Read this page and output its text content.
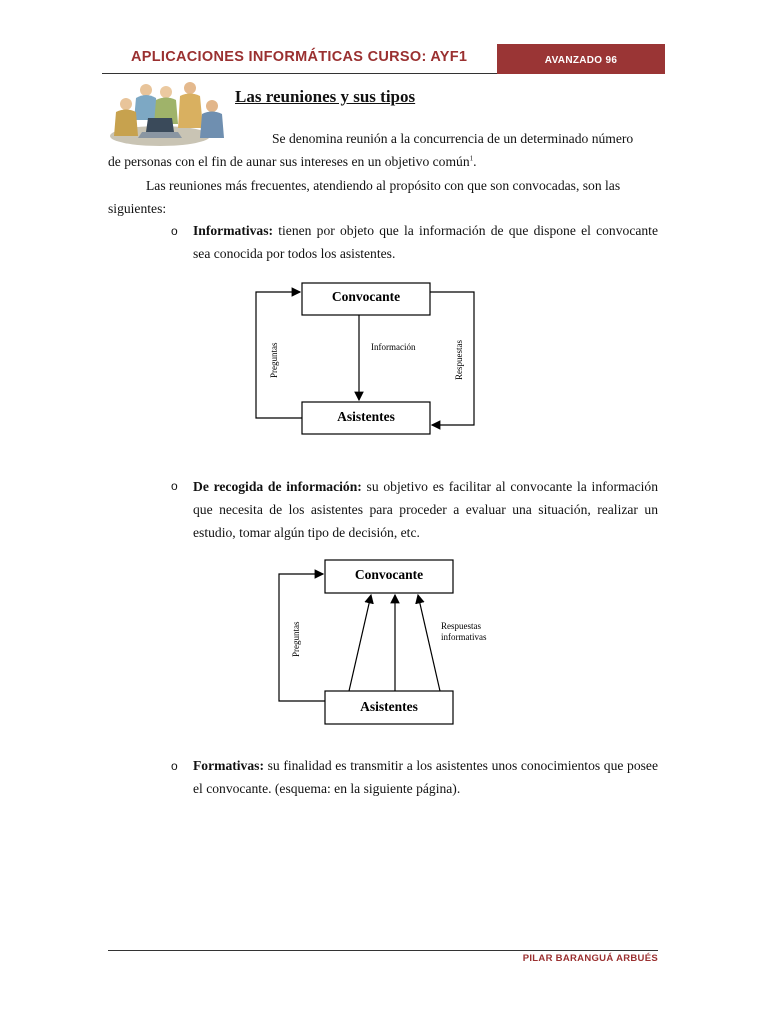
APLICACIONES INFORMÁTICAS CURSO: AYF1	AVANZADO 96
Las reuniones y sus tipos
Se denomina reunión a la concurrencia de un determinado número
de personas con el fin de aunar sus intereses en un objetivo común$^1$.
Las reuniones más frecuentes, atendiendo al propósito con que son convocadas, son las
siguientes:
o Informativas: tienen por objeto que la información de que dispone el convocante sea conocida por todos los asistentes.
Convocante
Asistentes
Información
Preguntas	Respuestas
o De recogida de información: su objetivo es facilitar al convocante la información que necesita de los asistentes para proceder a evaluar una situación, realizar un estudio, tomar algún tipo de decisión, etc.
Convocante
Asistentes
Preguntas	Respuestas
informativas
o Formativas: su finalidad es transmitir a los asistentes unos conocimientos que posee el convocante. (esquema: en la siguiente página).
PILAR BARANGUÁ ARBUÉS
